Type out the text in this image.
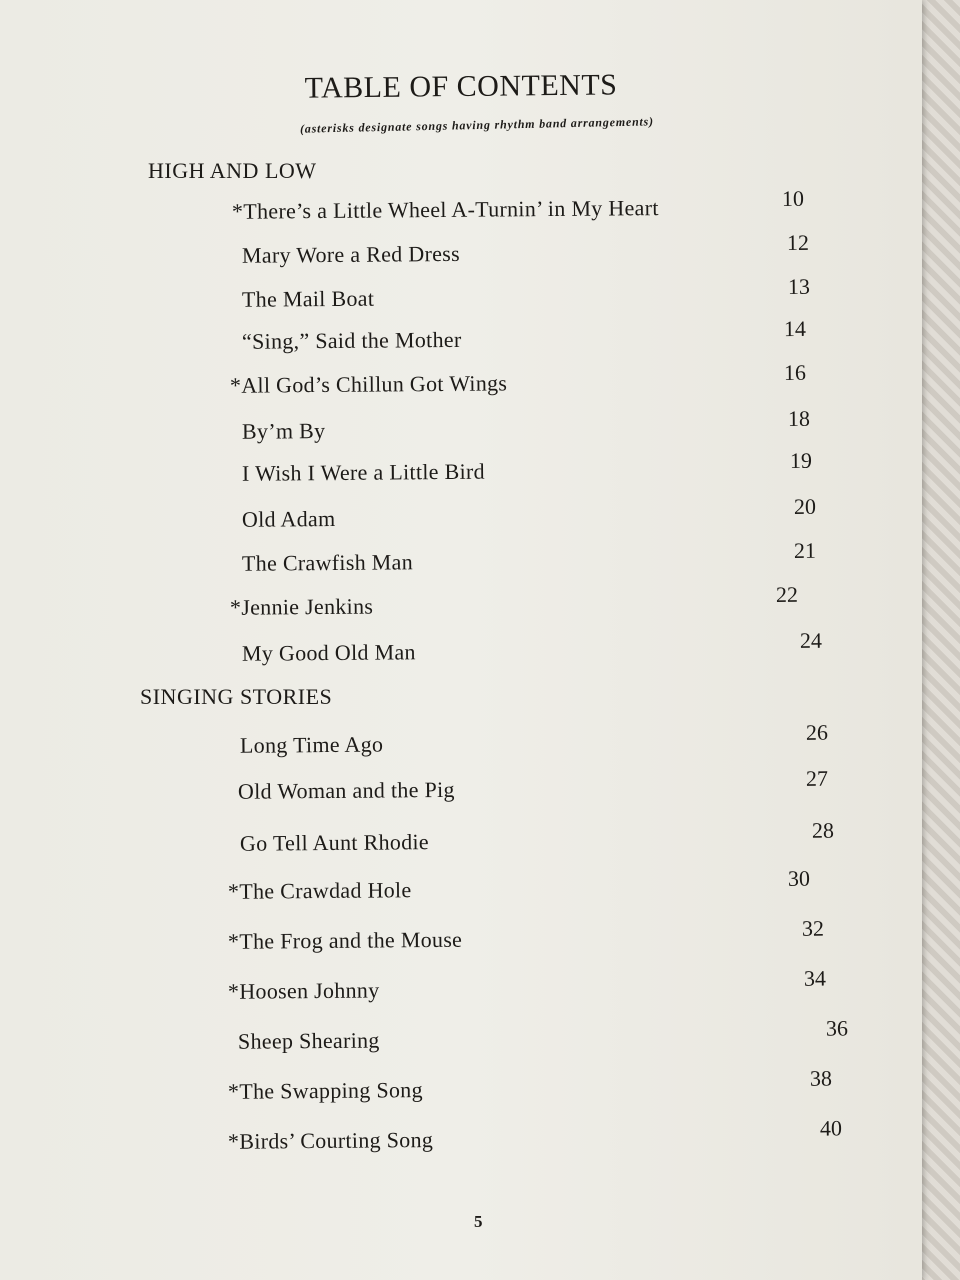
TABLE OF CONTENTS
(asterisks designate songs having rhythm band arrangements)
HIGH AND LOW
*There’s a Little Wheel A-Turnin’ in My Heart	10
Mary Wore a Red Dress	12
The Mail Boat	13
“Sing,” Said the Mother	14
*All God’s Chillun Got Wings	16
By’m By	18
I Wish I Were a Little Bird	19
Old Adam	20
The Crawfish Man	21
*Jennie Jenkins	22
My Good Old Man	24
SINGING STORIES
Long Time Ago	26
Old Woman and the Pig	27
Go Tell Aunt Rhodie	28
*The Crawdad Hole	30
*The Frog and the Mouse	32
*Hoosen Johnny	34
Sheep Shearing	36
*The Swapping Song	38
*Birds’ Courting Song	40
5
